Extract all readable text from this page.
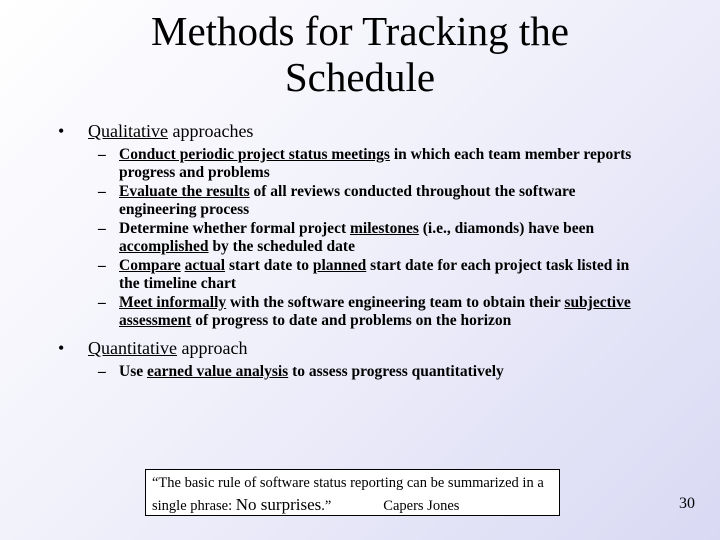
Methods for Tracking the
Schedule
• Qualitative approaches
– Conduct periodic project status meetings in which each team member reports progress and problems
– Evaluate the results of all reviews conducted throughout the software engineering process
– Determine whether formal project milestones (i.e., diamonds) have been accomplished by the scheduled date
– Compare actual start date to planned start date for each project task listed in the timeline chart
– Meet informally with the software engineering team to obtain their subjective assessment of progress to date and problems on the horizon
• Quantitative approach
– Use earned value analysis to assess progress quantitatively
“The basic rule of software status reporting can be summarized in a single phrase: No surprises.”	Capers Jones	30
